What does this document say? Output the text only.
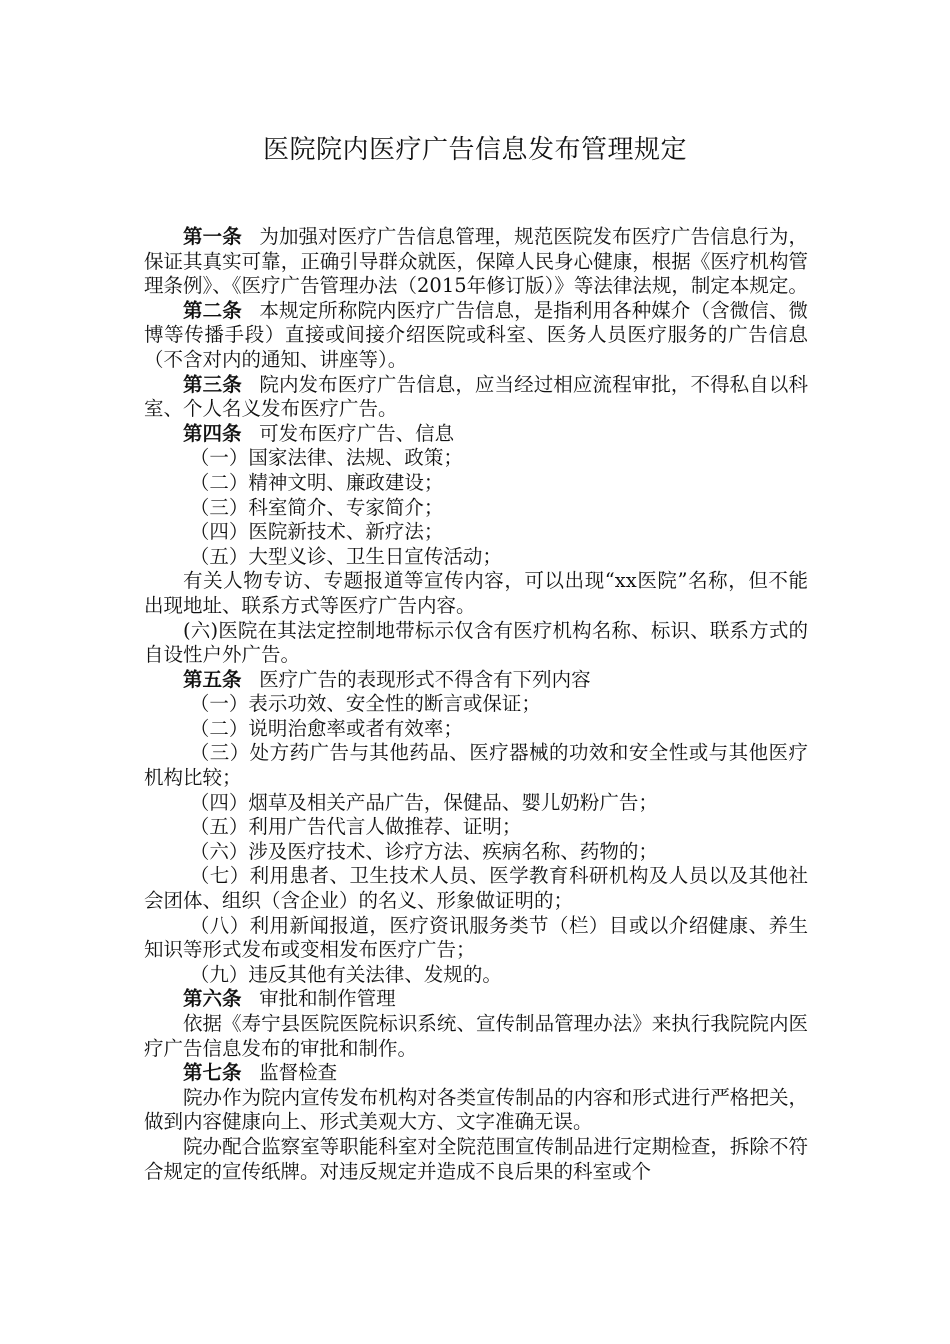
医院院内医疗广告信息发布管理规定

第一条 为加强对医疗广告信息管理，规范医院发布医疗广告信息行为，保证其真实可靠，正确引导群众就医，保障人民身心健康，根据《医疗机构管理条例》、《医疗广告管理办法（2015年修订版）》等法律法规，制定本规定。

第二条 本规定所称院内医疗广告信息，是指利用各种媒介（含微信、微博等传播手段）直接或间接介绍医院或科室、医务人员医疗服务的广告信息（不含对内的通知、讲座等）。

第三条 院内发布医疗广告信息，应当经过相应流程审批，不得私自以科室、个人名义发布医疗广告。

第四条 可发布医疗广告、信息

（一）国家法律、法规、政策；

（二）精神文明、廉政建设；

（三）科室简介、专家简介；

（四）医院新技术、新疗法；

（五）大型义诊、卫生日宣传活动；

有关人物专访、专题报道等宣传内容，可以出现“xx医院”名称，但不能出现地址、联系方式等医疗广告内容。

(六)医院在其法定控制地带标示仅含有医疗机构名称、标识、联系方式的自设性户外广告。

第五条 医疗广告的表现形式不得含有下列内容

（一）表示功效、安全性的断言或保证；

（二）说明治愈率或者有效率；

（三）处方药广告与其他药品、医疗器械的功效和安全性或与其他医疗机构比较；

（四）烟草及相关产品广告，保健品、婴儿奶粉广告；

（五）利用广告代言人做推荐、证明；

（六）涉及医疗技术、诊疗方法、疾病名称、药物的；

（七）利用患者、卫生技术人员、医学教育科研机构及人员以及其他社会团体、组织（含企业）的名义、形象做证明的；

（八）利用新闻报道，医疗资讯服务类节（栏）目或以介绍健康、养生知识等形式发布或变相发布医疗广告；

（九）违反其他有关法律、发规的。

第六条 审批和制作管理

依据《寿宁县医院医院标识系统、宣传制品管理办法》来执行我院院内医疗广告信息发布的审批和制作。

第七条 监督检查

院办作为院内宣传发布机构对各类宣传制品的内容和形式进行严格把关，做到内容健康向上、形式美观大方、文字准确无误。

院办配合监察室等职能科室对全院范围宣传制品进行定期检查，拆除不符合规定的宣传纸牌。对违反规定并造成不良后果的科室或个
